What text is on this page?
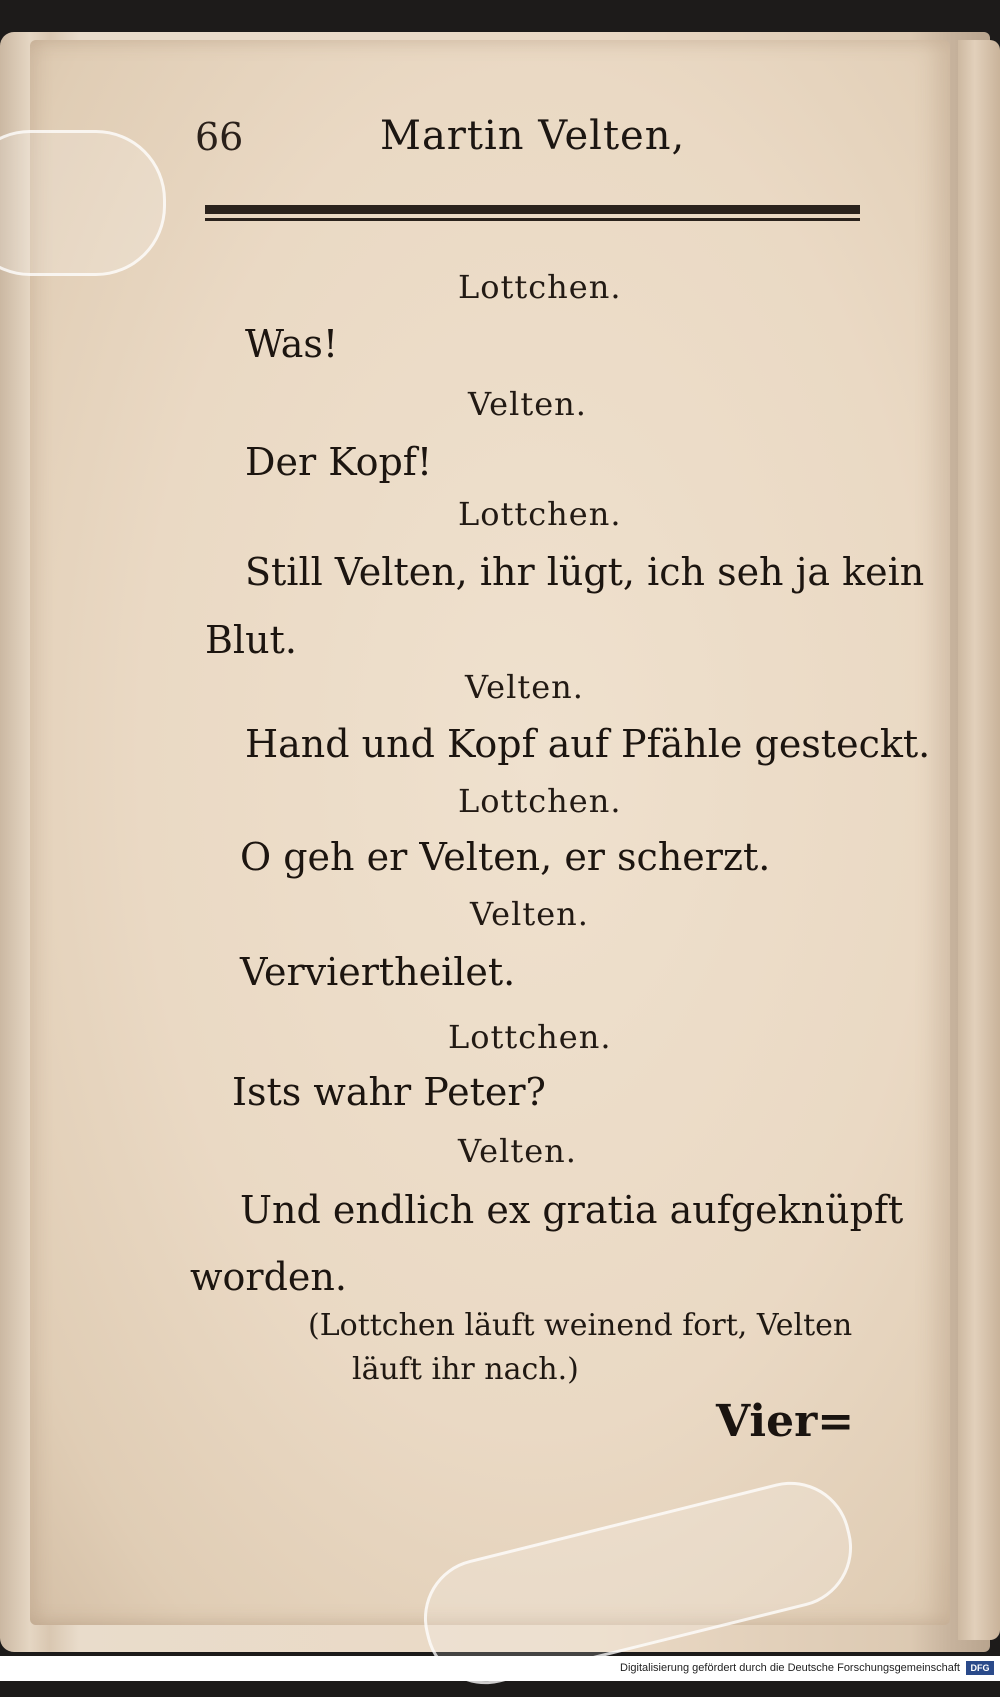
66	Martin Velten,
Lottchen.
Was!
Velten.
Der Kopf!
Lottchen.
Still Velten, ihr lügt, ich seh ja kein
Blut.
Velten.
Hand und Kopf auf Pfähle gesteckt.
Lottchen.
O geh er Velten, er scherzt.
Velten.
Verviertheilet.
Lottchen.
Ists wahr Peter?
Velten.
Und endlich ex gratia aufgeknüpft
worden.
(Lottchen läuft weinend fort, Velten
läuft ihr nach.)
Vier=
Digitalisierung gefördert durch die Deutsche Forschungsgemeinschaft	DFG
